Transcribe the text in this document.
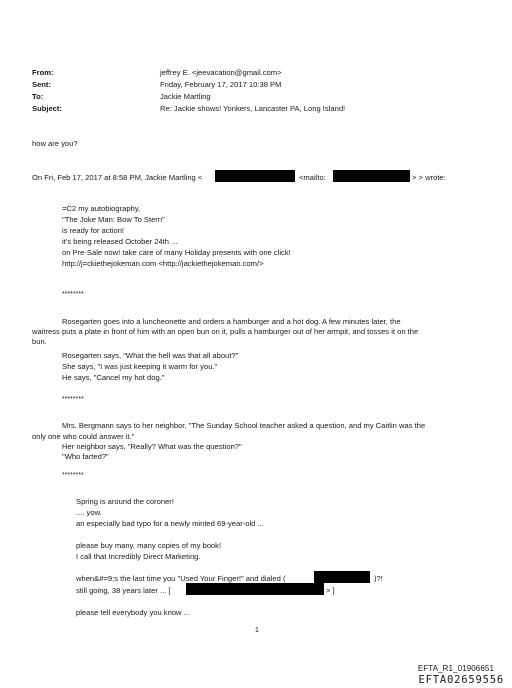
From:	jeffrey E. <jeevacation@gmail.com>
Sent:	Friday, February 17, 2017 10:38 PM
To:	Jackie Martling
Subject:	Re: Jackie shows! Yonkers, Lancaster PA, Long Island!
how are you?
On Fri, Feb 17, 2017 at 8:58 PM, Jackie Martling <	<mailto:	> > wrote:
=C2 my autobiography,
"The Joke Man: Bow To Stern"
is ready for action!
it's being released October 24th ...
on Pre-Sale now! take care of many Holiday presents with one click!
http://j=ckiethejokeman.com <http://jackiethejokeman.com/>
********
Rosegarten goes into a luncheonette and orders a hamburger and a hot dog. A few minutes later, the
waitress puts a plate in front of him with an open bun on it, pulls a hamburger out of her armpit, and tosses it on the
bun.
Rosegarten says, "What the hell was that all about?"
She says, "I was just keeping it warm for you."
He says, "Cancel my hot dog."
********
Mrs. Bergmann says to her neighbor, "The Sunday School teacher asked a question, and my Caitlin was the
only one who could answer it."
Her neighbor says, "Really? What was the question?"
"Who farted?"
********
Spring is around the coroner!
.... yow.
an especially bad typo for a newly minted 69-year-old ...
please buy many, many copies of my book!
I call that Incredibly Direct Marketing.
when&#=9;s the last time you "Used Your Finger!" and dialed (	)?!
still going, 38 years later ... [	> ]
please tell everybody you know ...
1
EFTA_R1_01906651
EFTA02659556
